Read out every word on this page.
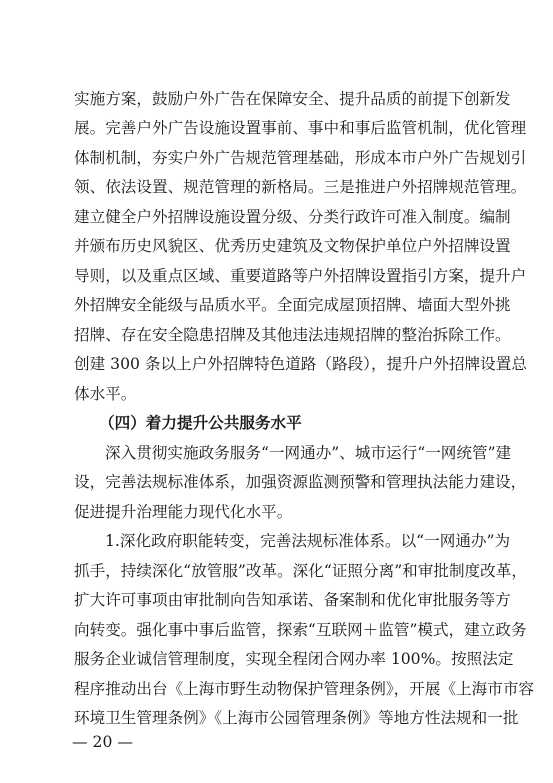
实施方案，鼓励户外广告在保障安全、提升品质的前提下创新发
展。完善户外广告设施设置事前、事中和事后监管机制，优化管理
体制机制，夯实户外广告规范管理基础，形成本市户外广告规划引
领、依法设置、规范管理的新格局。三是推进户外招牌规范管理。
建立健全户外招牌设施设置分级、分类行政许可准入制度。编制
并颁布历史风貌区、优秀历史建筑及文物保护单位户外招牌设置
导则，以及重点区域、重要道路等户外招牌设置指引方案，提升户
外招牌安全能级与品质水平。全面完成屋顶招牌、墙面大型外挑
招牌、存在安全隐患招牌及其他违法违规招牌的整治拆除工作。
创建 300 条以上户外招牌特色道路（路段），提升户外招牌设置总
体水平。
（四）着力提升公共服务水平
深入贯彻实施政务服务“一网通办”、城市运行“一网统管”建
设，完善法规标准体系，加强资源监测预警和管理执法能力建设，
促进提升治理能力现代化水平。
1.深化政府职能转变，完善法规标准体系。以“一网通办”为
抓手，持续深化“放管服”改革。深化“证照分离”和审批制度改革，
扩大许可事项由审批制向告知承诺、备案制和优化审批服务等方
向转变。强化事中事后监管，探索“互联网＋监管”模式，建立政务
服务企业诚信管理制度，实现全程闭合网办率 100%。按照法定
程序推动出台《上海市野生动物保护管理条例》，开展《上海市市容
环境卫生管理条例》《上海市公园管理条例》等地方性法规和一批
— 20 —
